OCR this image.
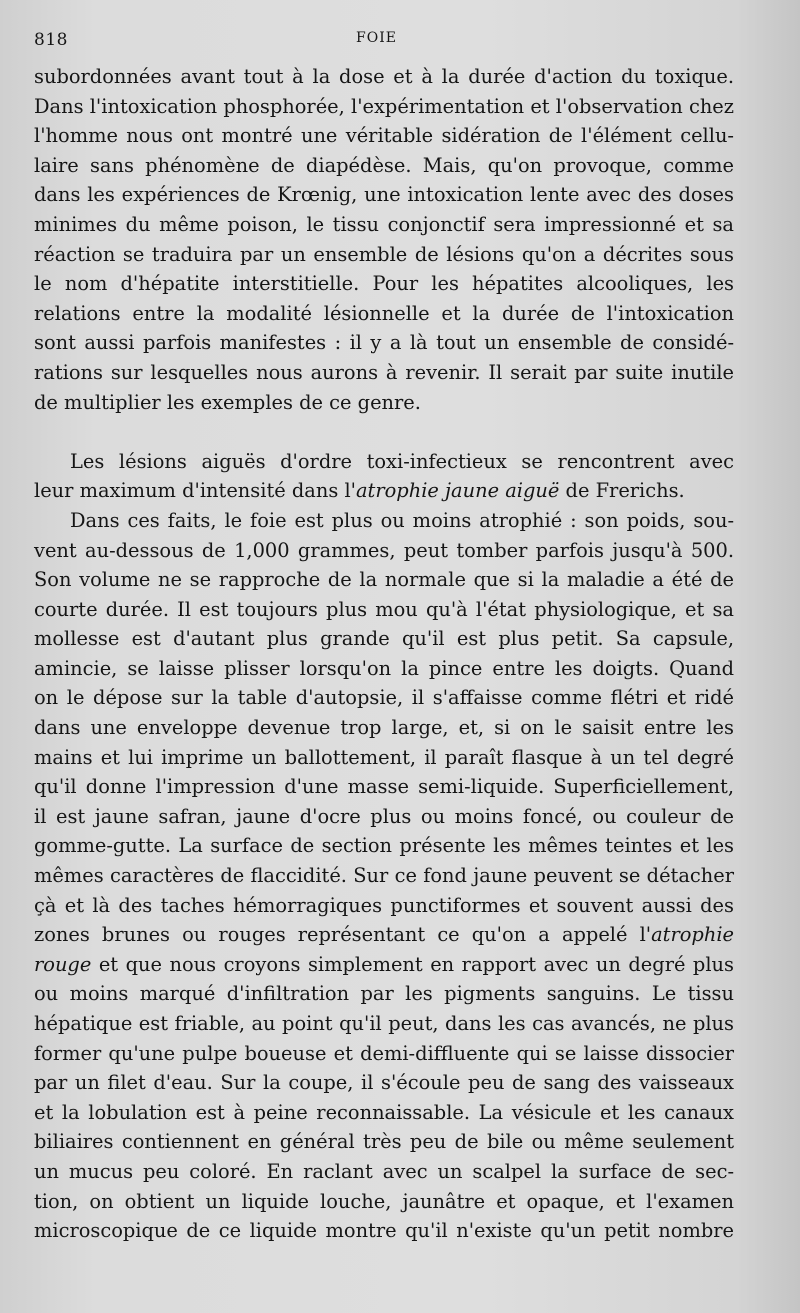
818	FOIE
subordonnées avant tout à la dose et à la durée d'action du toxique.
Dans l'intoxication phosphorée, l'expérimentation et l'observation chez
l'homme nous ont montré une véritable sidération de l'élément cellu-
laire sans phénomène de diapédèse. Mais, qu'on provoque, comme
dans les expériences de Krœnig, une intoxication lente avec des doses
minimes du même poison, le tissu conjonctif sera impressionné et sa
réaction se traduira par un ensemble de lésions qu'on a décrites sous
le nom d'hépatite interstitielle. Pour les hépatites alcooliques, les
relations entre la modalité lésionnelle et la durée de l'intoxication
sont aussi parfois manifestes : il y a là tout un ensemble de considé-
rations sur lesquelles nous aurons à revenir. Il serait par suite inutile
de multiplier les exemples de ce genre.
Les lésions aiguës d'ordre toxi-infectieux se rencontrent avec
leur maximum d'intensité dans l'atrophie jaune aiguë de Frerichs.
Dans ces faits, le foie est plus ou moins atrophié : son poids, sou-
vent au-dessous de 1,000 grammes, peut tomber parfois jusqu'à 500.
Son volume ne se rapproche de la normale que si la maladie a été de
courte durée. Il est toujours plus mou qu'à l'état physiologique, et sa
mollesse est d'autant plus grande qu'il est plus petit. Sa capsule,
amincie, se laisse plisser lorsqu'on la pince entre les doigts. Quand
on le dépose sur la table d'autopsie, il s'affaisse comme flétri et ridé
dans une enveloppe devenue trop large, et, si on le saisit entre les
mains et lui imprime un ballottement, il paraît flasque à un tel degré
qu'il donne l'impression d'une masse semi-liquide. Superficiellement,
il est jaune safran, jaune d'ocre plus ou moins foncé, ou couleur de
gomme-gutte. La surface de section présente les mêmes teintes et les
mêmes caractères de flaccidité. Sur ce fond jaune peuvent se détacher
çà et là des taches hémorragiques punctiformes et souvent aussi des
zones brunes ou rouges représentant ce qu'on a appelé l'atrophie
rouge et que nous croyons simplement en rapport avec un degré plus
ou moins marqué d'infiltration par les pigments sanguins. Le tissu
hépatique est friable, au point qu'il peut, dans les cas avancés, ne plus
former qu'une pulpe boueuse et demi-diffluente qui se laisse dissocier
par un filet d'eau. Sur la coupe, il s'écoule peu de sang des vaisseaux
et la lobulation est à peine reconnaissable. La vésicule et les canaux
biliaires contiennent en général très peu de bile ou même seulement
un mucus peu coloré. En raclant avec un scalpel la surface de sec-
tion, on obtient un liquide louche, jaunâtre et opaque, et l'examen
microscopique de ce liquide montre qu'il n'existe qu'un petit nombre
